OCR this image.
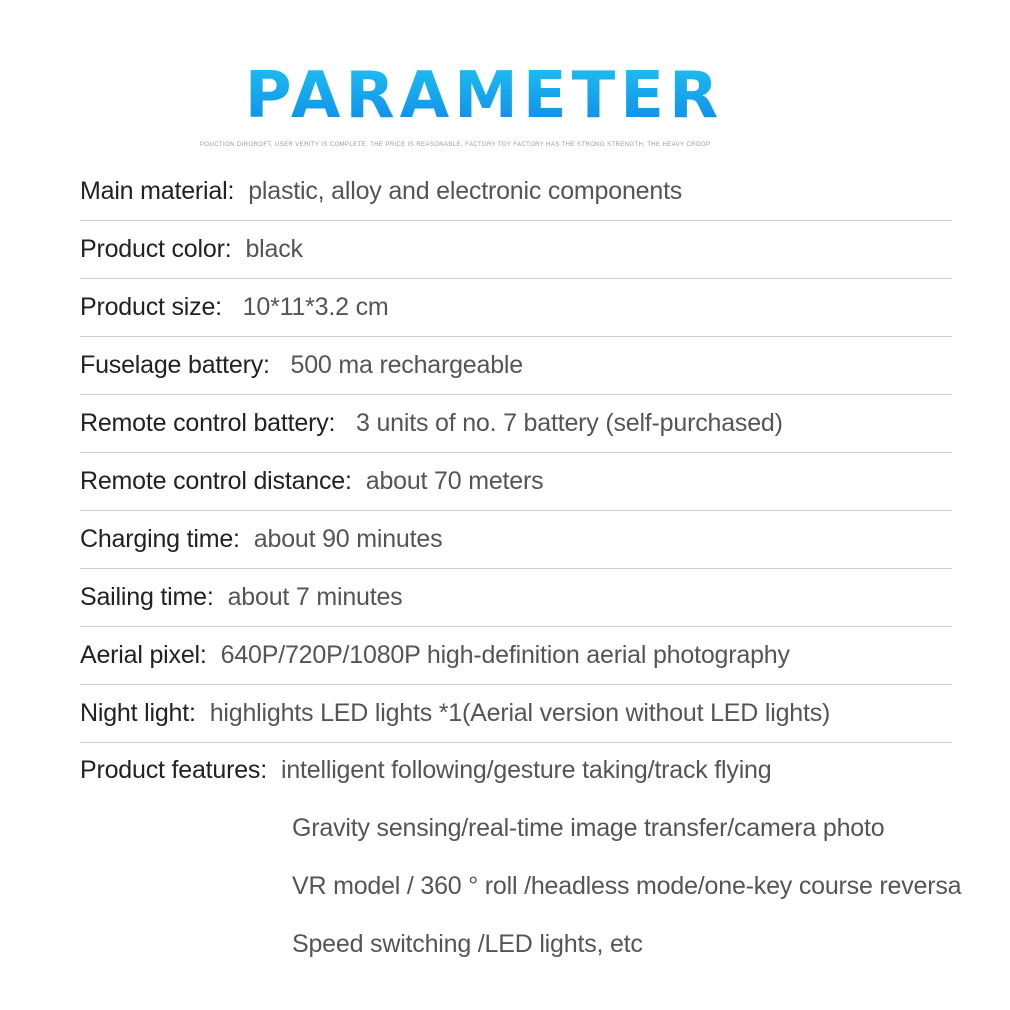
PARAMETER
POUCTION DIROROFT, USER VERITY IS COMPLETE, THE PRICE IS REASONABLE, FACTORY TOY FACTORY HAS THE STRONG STRENGTH, THE HEAVY CROOP
Main material: plastic, alloy and electronic components
Product color: black
Product size: 10*11*3.2 cm
Fuselage battery: 500 ma rechargeable
Remote control battery: 3 units of no. 7 battery (self-purchased)
Remote control distance: about 70 meters
Charging time: about 90 minutes
Sailing time: about 7 minutes
Aerial pixel: 640P/720P/1080P high-definition aerial photography
Night light: highlights LED lights *1(Aerial version without LED lights)
Product features: intelligent following/gesture taking/track flying
Gravity sensing/real-time image transfer/camera photo
VR model / 360 ° roll /headless mode/one-key course reversa
Speed switching /LED lights, etc
